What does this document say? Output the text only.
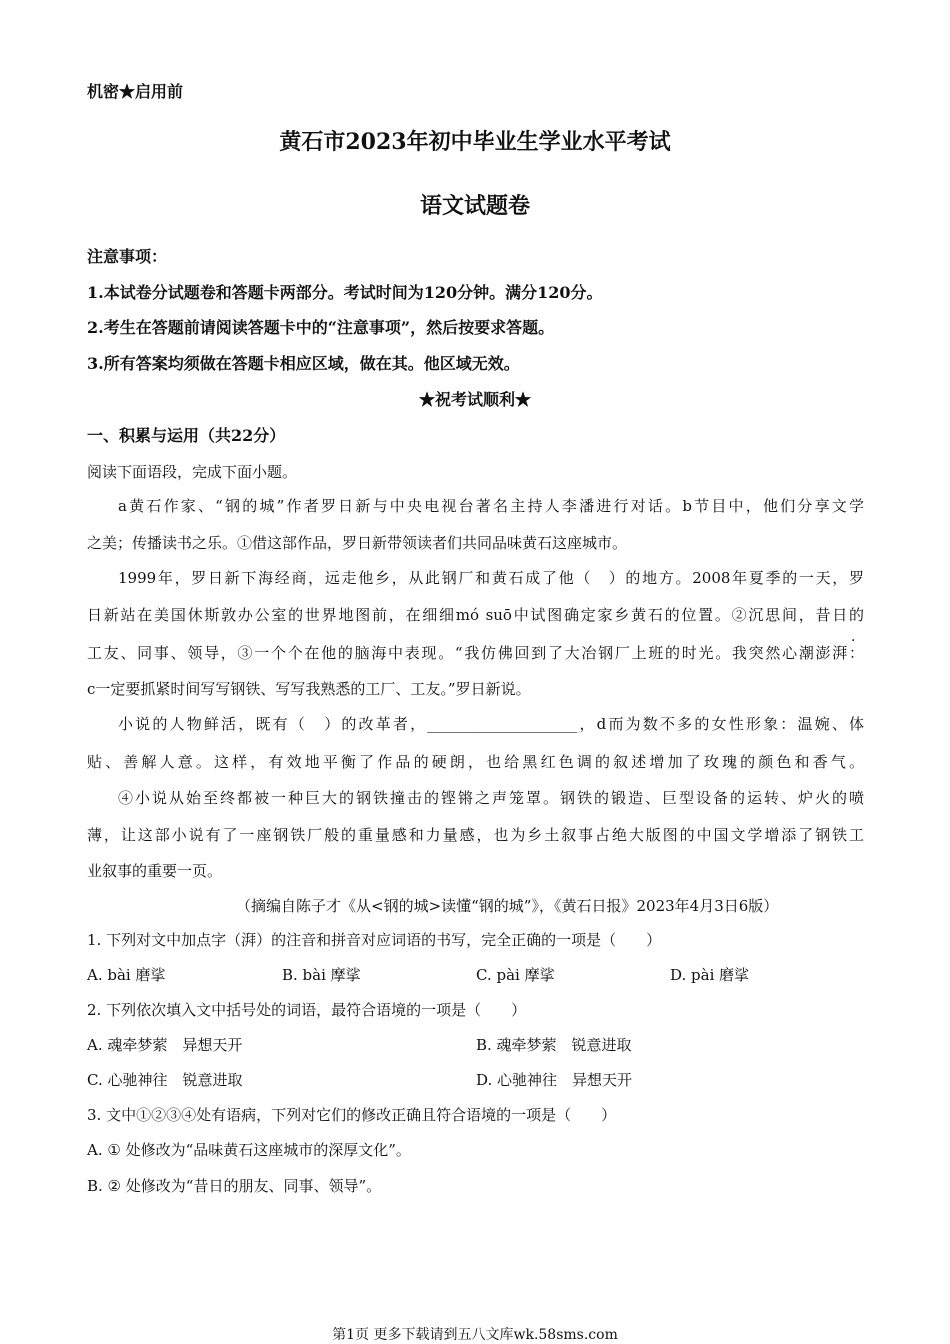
机密★启用前
黄石市2023年初中毕业生学业水平考试
语文试题卷
注意事项：
1.本试卷分试题卷和答题卡两部分。考试时间为120分钟。满分120分。
2.考生在答题前请阅读答题卡中的“注意事项”，然后按要求答题。
3.所有答案均须做在答题卡相应区域，做在其。他区域无效。
★祝考试顺利★
一、积累与运用（共22分）
阅读下面语段，完成下面小题。
a黄石作家、“钢的城”作者罗日新与中央电视台著名主持人李潘进行对话。b节目中，他们分享文学
之美；传播读书之乐。①借这部作品，罗日新带领读者们共同品味黄石这座城市。
1999年，罗日新下海经商，远走他乡，从此钢厂和黄石成了他（　）的地方。2008年夏季的一天，罗
日新站在美国休斯敦办公室的世界地图前，在细细mó suō中试图确定家乡黄石的位置。②沉思间，昔日的
.
工友、同事、领导，③一个个在他的脑海中表现。“我仿佛回到了大冶钢厂上班的时光。我突然心潮澎湃：
c一定要抓紧时间写写钢铁、写写我熟悉的工厂、工友。”罗日新说。
小说的人物鲜活，既有（　）的改革者，____________________，d而为数不多的女性形象：温婉、体
贴、善解人意。这样，有效地平衡了作品的硬朗，也给黑红色调的叙述增加了玫瑰的颜色和香气。
④小说从始至终都被一种巨大的钢铁撞击的铿锵之声笼罩。钢铁的锻造、巨型设备的运转、炉火的喷
薄，让这部小说有了一座钢铁厂般的重量感和力量感，也为乡土叙事占绝大版图的中国文学增添了钢铁工
业叙事的重要一页。
（摘编自陈子才《从<钢的城>读懂“钢的城”》，《黄石日报》2023年4月3日6版）
1. 下列对文中加点字（湃）的注音和拼音对应词语的书写，完全正确的一项是（　　）
A. bài 磨挲	B. bài 摩挲	C. pài 摩挲	D. pài 磨挲
2. 下列依次填入文中括号处的词语，最符合语境的一项是（　　）
A. 魂牵梦萦　异想天开	B. 魂牵梦萦　锐意进取
C. 心驰神往　锐意进取	D. 心驰神往　异想天开
3. 文中①②③④处有语病，下列对它们的修改正确且符合语境的一项是（　　）
A. ① 处修改为“品味黄石这座城市的深厚文化”。
B. ② 处修改为“昔日的朋友、同事、领导”。
第1页 更多下载请到五八文库wk.58sms.com
